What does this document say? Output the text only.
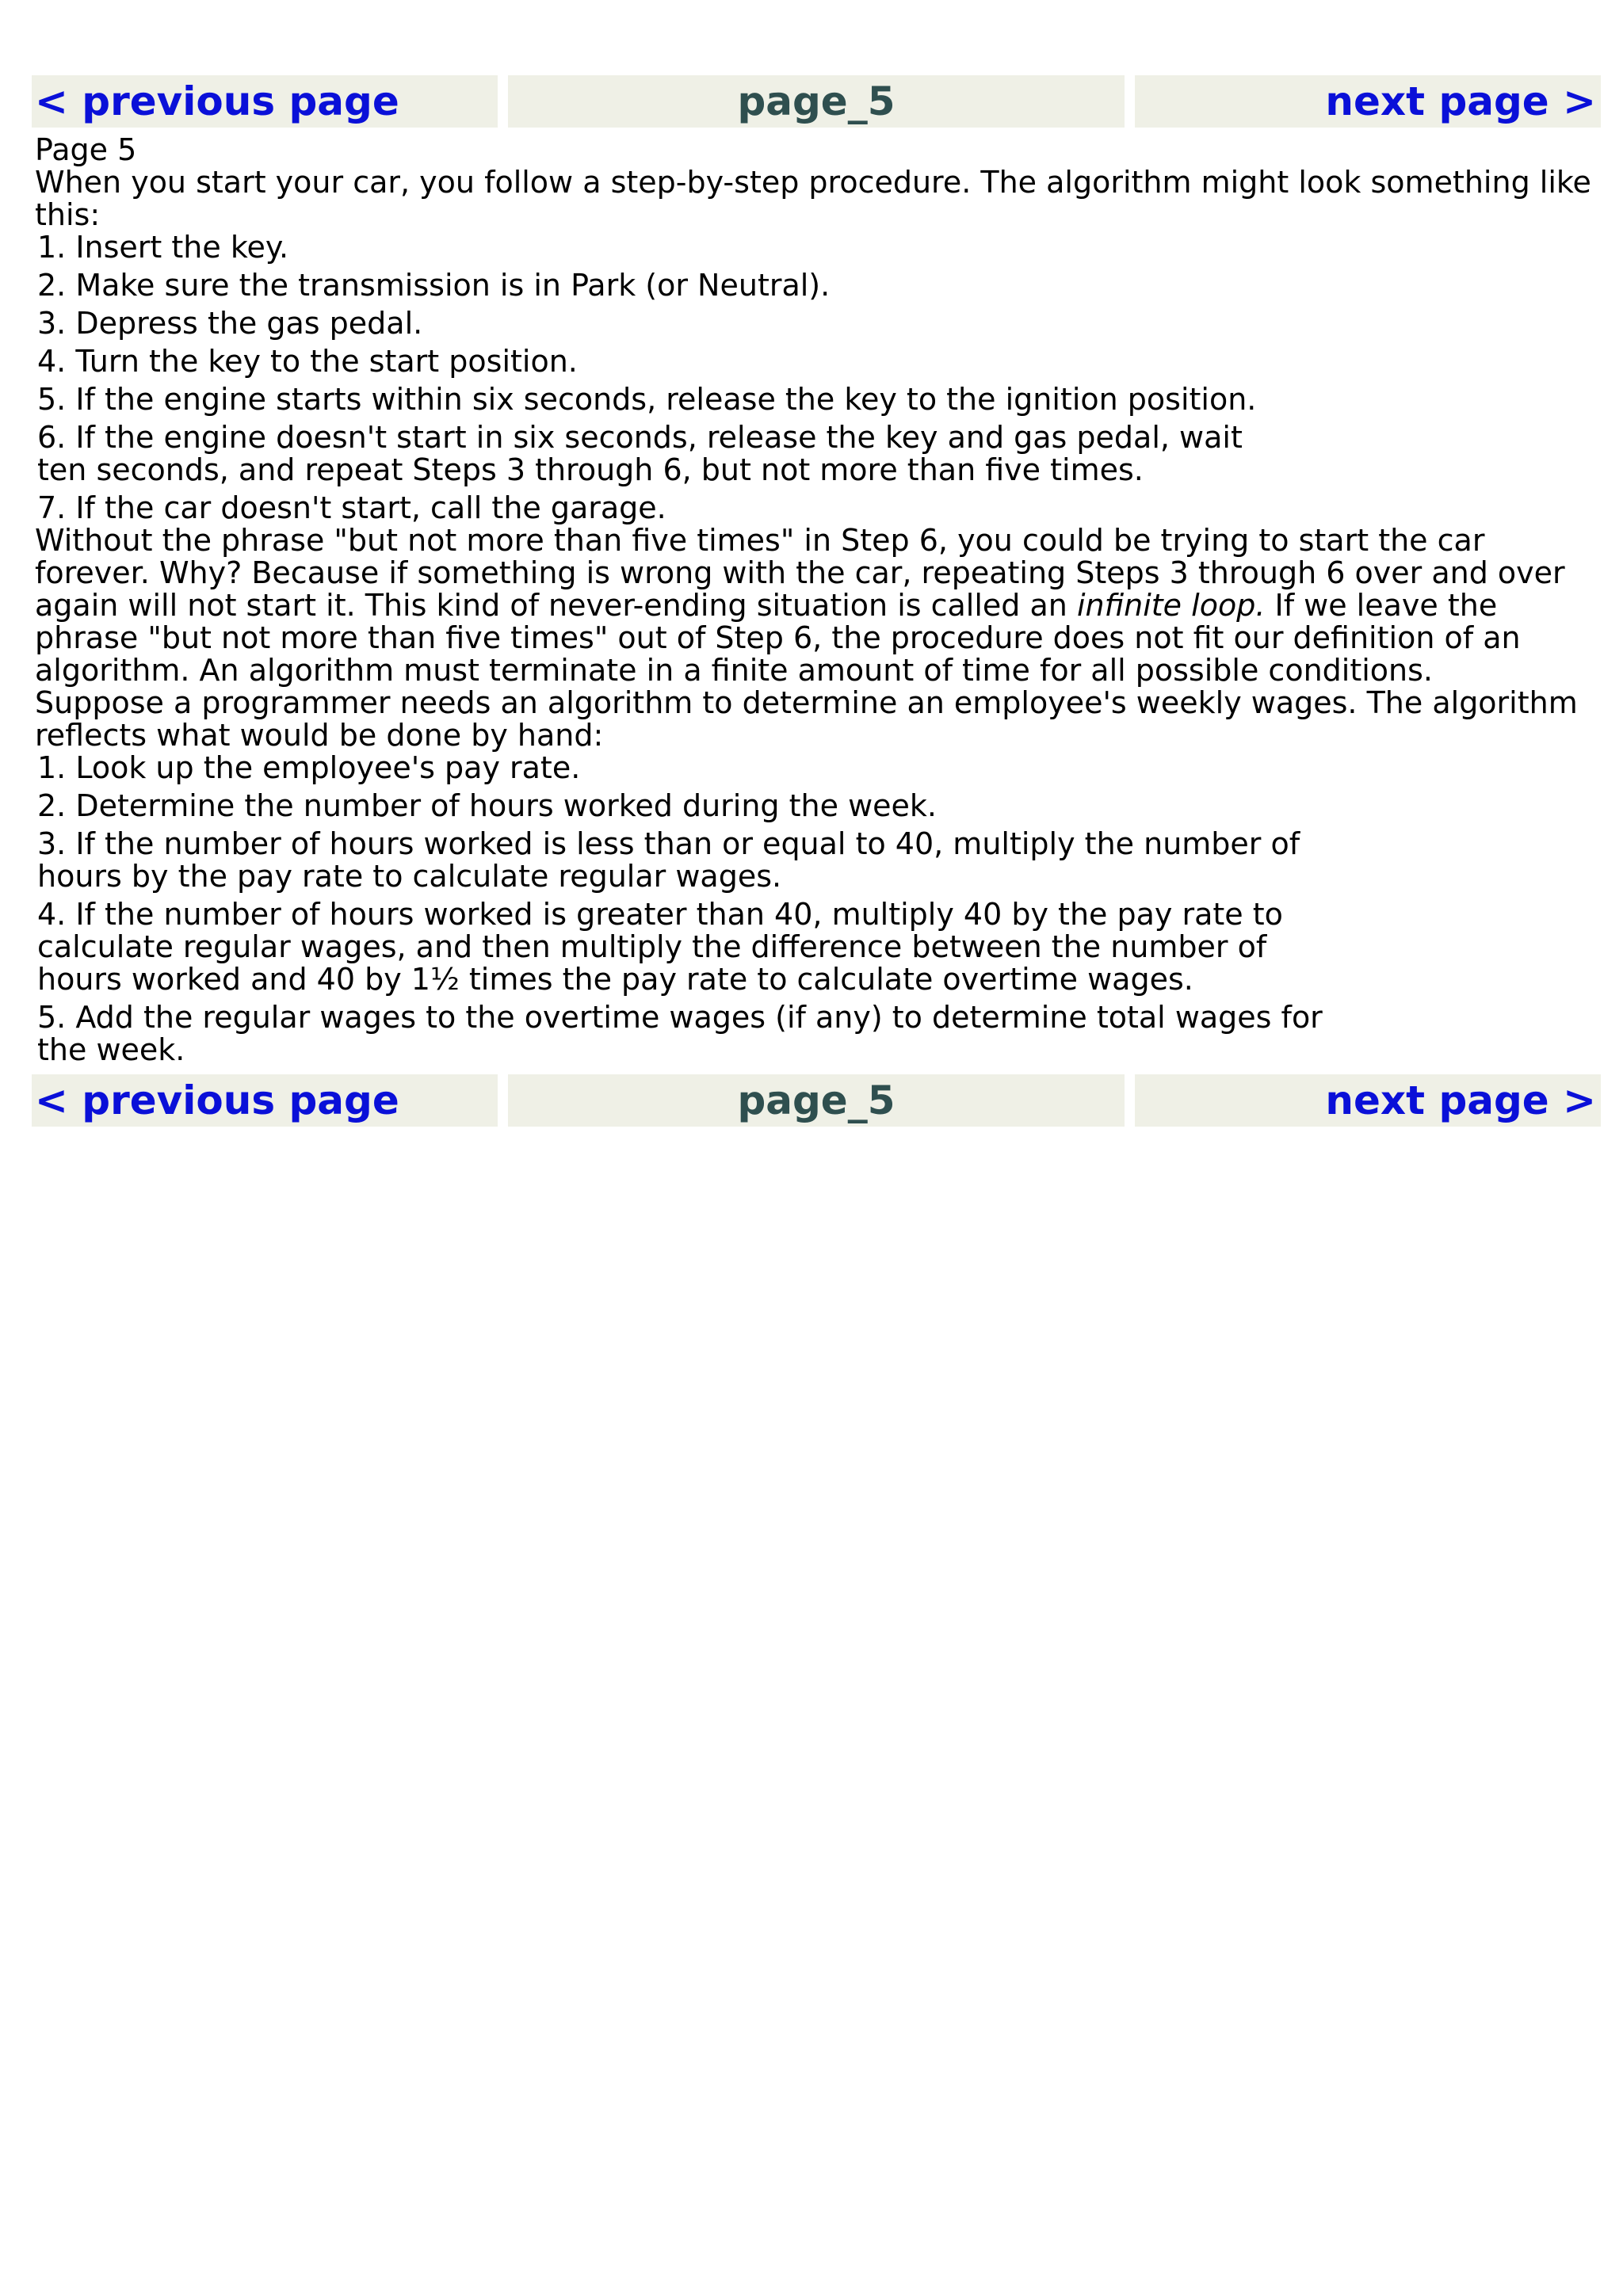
< previous page	page_5	next page >

Page 5

When you start your car, you follow a step-by-step procedure. The algorithm might look something like this:

1. Insert the key.
2. Make sure the transmission is in Park (or Neutral).
3. Depress the gas pedal.
4. Turn the key to the start position.
5. If the engine starts within six seconds, release the key to the ignition position.
6. If the engine doesn't start in six seconds, release the key and gas pedal, wait ten seconds, and repeat Steps 3 through 6, but not more than five times.
7. If the car doesn't start, call the garage.

Without the phrase "but not more than five times" in Step 6, you could be trying to start the car forever. Why? Because if something is wrong with the car, repeating Steps 3 through 6 over and over again will not start it. This kind of never-ending situation is called an infinite loop. If we leave the phrase "but not more than five times" out of Step 6, the procedure does not fit our definition of an algorithm. An algorithm must terminate in a finite amount of time for all possible conditions.

Suppose a programmer needs an algorithm to determine an employee's weekly wages. The algorithm reflects what would be done by hand:

1. Look up the employee's pay rate.
2. Determine the number of hours worked during the week.
3. If the number of hours worked is less than or equal to 40, multiply the number of hours by the pay rate to calculate regular wages.
4. If the number of hours worked is greater than 40, multiply 40 by the pay rate to calculate regular wages, and then multiply the difference between the number of hours worked and 40 by 1½ times the pay rate to calculate overtime wages.
5. Add the regular wages to the overtime wages (if any) to determine total wages for the week.
< previous page	page_5	next page >
